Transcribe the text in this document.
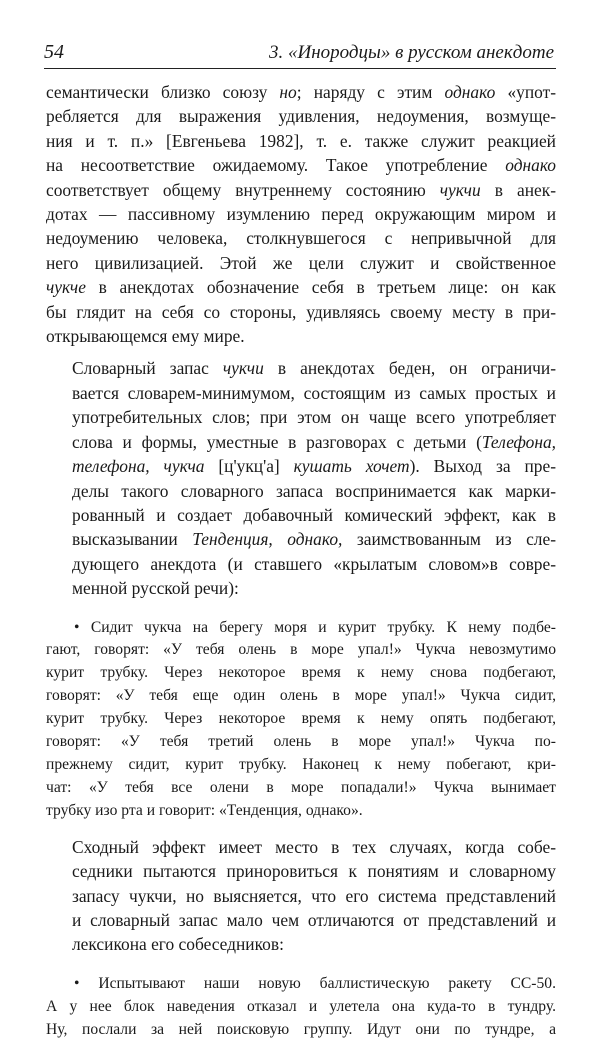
54	3. «Инородцы» в русском анекдоте

семантически близко союзу но; наряду с этим однако «упот-
ребляется для выражения удивления, недоумения, возмуще-
ния и т. п.» [Евгеньева 1982], т. е. также служит реакцией
на несоответствие ожидаемому. Такое употребление однако
соответствует общему внутреннему состоянию чукчи в анек-
дотах — пассивному изумлению перед окружающим миром и
недоумению человека, столкнувшегося с непривычной для
него цивилизацией. Этой же цели служит и свойственное
чукче в анекдотах обозначение себя в третьем лице: он как
бы глядит на себя со стороны, удивляясь своему месту в при-
открывающемся ему мире.

Словарный запас чукчи в анекдотах беден, он ограничи-
вается словарем-минимумом, состоящим из самых простых и
употребительных слов; при этом он чаще всего употребляет
слова и формы, уместные в разговорах с детьми (Телефона,
телефона, чукча [ц'укц'а] кушать хочет). Выход за пре-
делы такого словарного запаса воспринимается как марки-
рованный и создает добавочный комический эффект, как в
высказывании Тенденция, однако, заимствованным из сле-
дующего анекдота (и ставшего «крылатым словом»в совре-
менной русской речи):

• Сидит чукча на берегу моря и курит трубку. К нему подбе-
гают, говорят: «У тебя олень в море упал!» Чукча невозмутимо
курит трубку. Через некоторое время к нему снова подбегают,
говорят: «У тебя еще один олень в море упал!» Чукча сидит,
курит трубку. Через некоторое время к нему опять подбегают,
говорят: «У тебя третий олень в море упал!» Чукча по-
прежнему сидит, курит трубку. Наконец к нему побегают, кри-
чат: «У тебя все олени в море попадали!» Чукча вынимает
трубку изо рта и говорит: «Тенденция, однако».

Сходный эффект имеет место в тех случаях, когда собе-
седники пытаются приноровиться к понятиям и словарному
запасу чукчи, но выясняется, что его система представлений
и словарный запас мало чем отличаются от представлений и
лексикона его собеседников:

• Испытывают наши новую баллистическую ракету СС-50.
А у нее блок наведения отказал и улетела она куда-то в тундру.
Ну, послали за ней поисковую группу. Идут они по тундре, а
